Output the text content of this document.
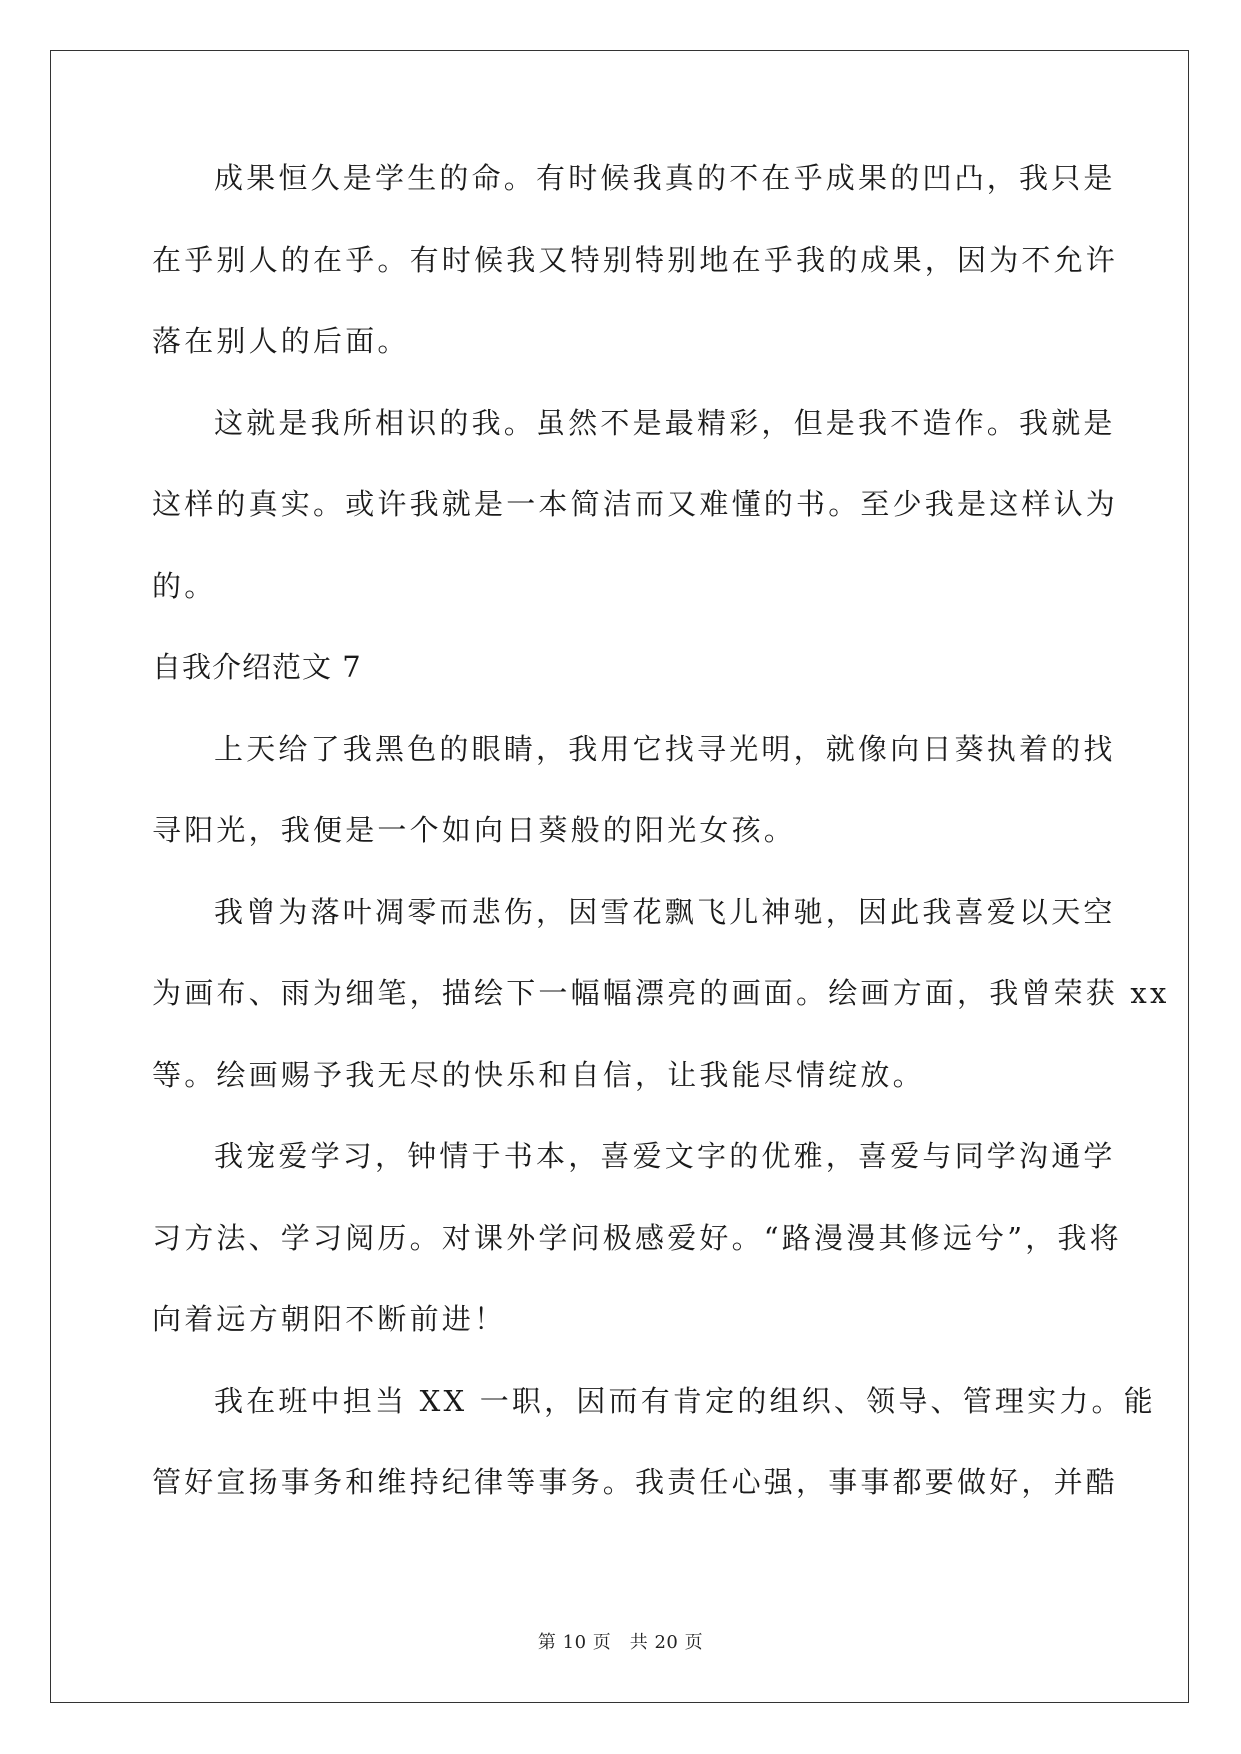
成果恒久是学生的命。有时候我真的不在乎成果的凹凸，我只是
在乎别人的在乎。有时候我又特别特别地在乎我的成果，因为不允许
落在别人的后面。
这就是我所相识的我。虽然不是最精彩，但是我不造作。我就是
这样的真实。或许我就是一本简洁而又难懂的书。至少我是这样认为
的。
自我介绍范文 7
上天给了我黑色的眼睛，我用它找寻光明，就像向日葵执着的找
寻阳光，我便是一个如向日葵般的阳光女孩。
我曾为落叶凋零而悲伤，因雪花飘飞儿神驰，因此我喜爱以天空
为画布、雨为细笔，描绘下一幅幅漂亮的画面。绘画方面，我曾荣获 xx
等。绘画赐予我无尽的快乐和自信，让我能尽情绽放。
我宠爱学习，钟情于书本，喜爱文字的优雅，喜爱与同学沟通学
习方法、学习阅历。对课外学问极感爱好。“路漫漫其修远兮”，我将
向着远方朝阳不断前进！
我在班中担当 XX 一职，因而有肯定的组织、领导、管理实力。能
管好宣扬事务和维持纪律等事务。我责任心强，事事都要做好，并酷
第 10 页　共 20 页
